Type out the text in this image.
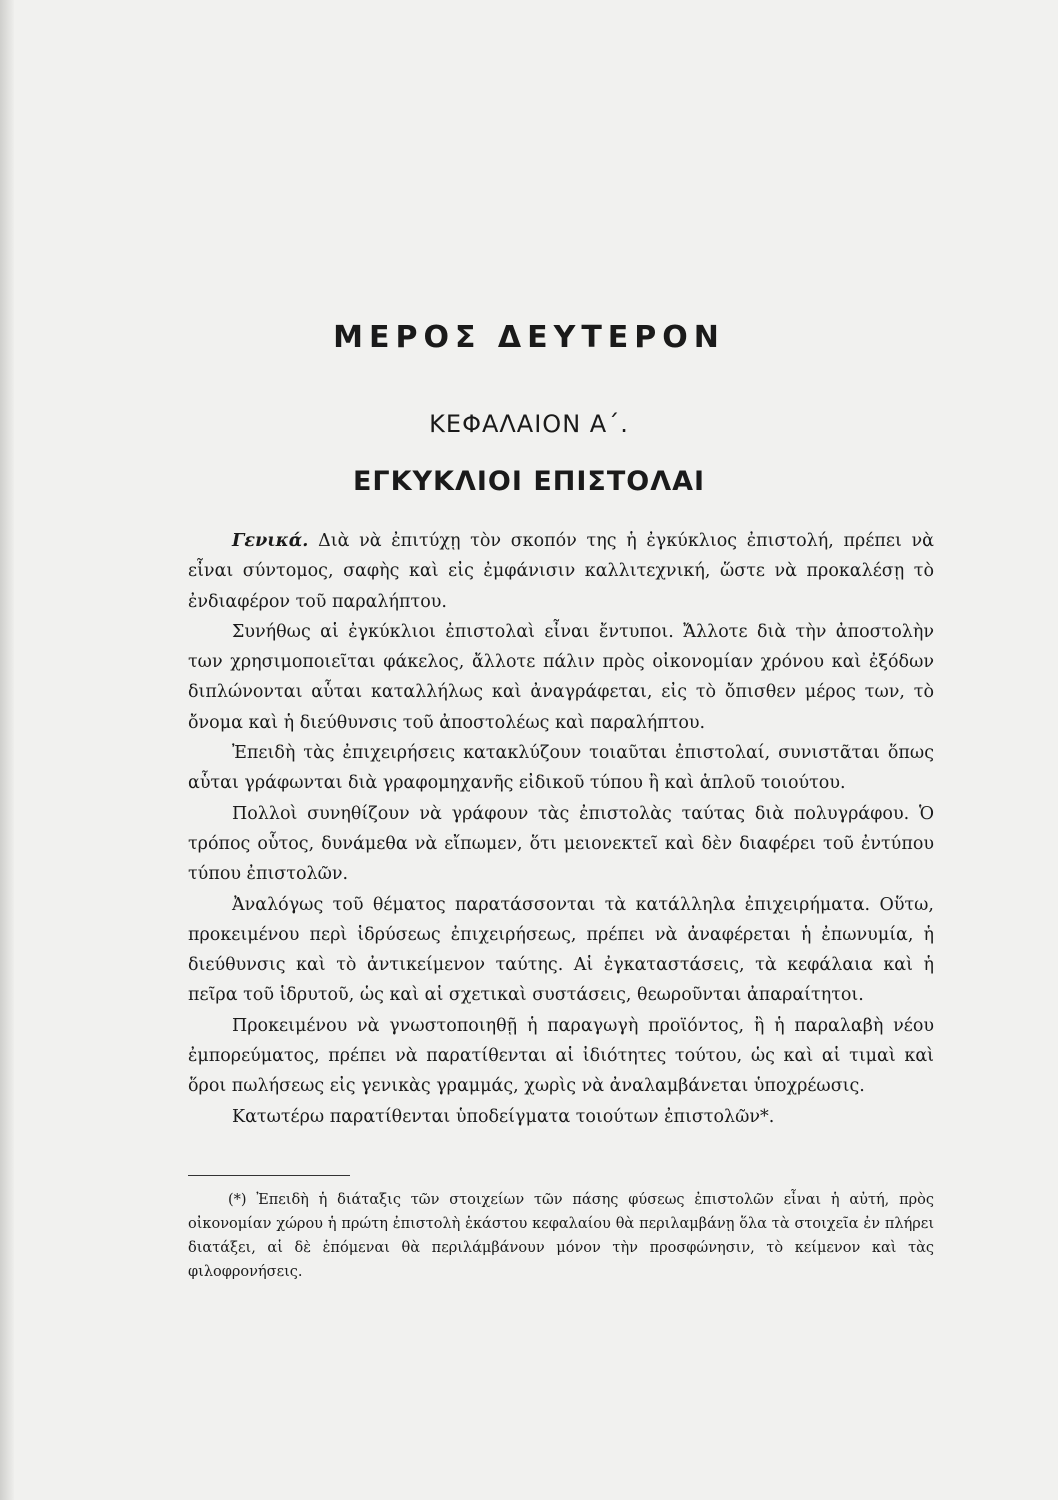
ΜΕΡΟΣ ΔΕΥΤΕΡΟΝ
ΚΕΦΑΛΑΙΟΝ Α΄.
ΕΓΚΥΚΛΙΟΙ ΕΠΙΣΤΟΛΑΙ

Γενικά. Διὰ νὰ ἐπιτύχῃ τὸν σκοπόν της ἡ ἐγκύκλιος ἐπιστολή, πρέπει νὰ εἶναι σύντομος, σαφὴς καὶ εἰς ἐμφάνισιν καλλιτεχνική, ὥστε νὰ προκαλέσῃ τὸ ἐνδιαφέρον τοῦ παραλήπτου.

Συνήθως αἱ ἐγκύκλιοι ἐπιστολαὶ εἶναι ἔντυποι. Ἄλλοτε διὰ τὴν ἀποστολὴν των χρησιμοποιεῖται φάκελος, ἄλλοτε πάλιν πρὸς οἰκονομίαν χρόνου καὶ ἐξόδων διπλώνονται αὗται καταλλήλως καὶ ἀναγράφεται, εἰς τὸ ὄπισθεν μέρος των, τὸ ὄνομα καὶ ἡ διεύθυνσις τοῦ ἀποστολέως καὶ παραλήπτου.

Ἐπειδὴ τὰς ἐπιχειρήσεις κατακλύζουν τοιαῦται ἐπιστολαί, συνιστᾶται ὅπως αὗται γράφωνται διὰ γραφομηχανῆς εἰδικοῦ τύπου ἢ καὶ ἁπλοῦ τοιούτου.

Πολλοὶ συνηθίζουν νὰ γράφουν τὰς ἐπιστολὰς ταύτας διὰ πολυγράφου. Ὁ τρόπος οὗτος, δυνάμεθα νὰ εἴπωμεν, ὅτι μειονεκτεῖ καὶ δὲν διαφέρει τοῦ ἐντύπου τύπου ἐπιστολῶν.

Ἀναλόγως τοῦ θέματος παρατάσσονται τὰ κατάλληλα ἐπιχειρήματα. Οὕτω, προκειμένου περὶ ἱδρύσεως ἐπιχειρήσεως, πρέπει νὰ ἀναφέρεται ἡ ἐπωνυμία, ἡ διεύθυνσις καὶ τὸ ἀντικείμενον ταύτης. Αἱ ἐγκαταστάσεις, τὰ κεφάλαια καὶ ἡ πεῖρα τοῦ ἱδρυτοῦ, ὡς καὶ αἱ σχετικαὶ συστάσεις, θεωροῦνται ἀπαραίτητοι.

Προκειμένου νὰ γνωστοποιηθῇ ἡ παραγωγὴ προϊόντος, ἢ ἡ παραλαβὴ νέου ἐμπορεύματος, πρέπει νὰ παρατίθενται αἱ ἰδιότητες τούτου, ὡς καὶ αἱ τιμαὶ καὶ ὅροι πωλήσεως εἰς γενικὰς γραμμάς, χωρὶς νὰ ἀναλαμβάνεται ὑποχρέωσις.

Κατωτέρω παρατίθενται ὑποδείγματα τοιούτων ἐπιστολῶν*.

(*) Ἐπειδὴ ἡ διάταξις τῶν στοιχείων τῶν πάσης φύσεως ἐπιστολῶν εἶναι ἡ αὐτή, πρὸς οἰκονομίαν χώρου ἡ πρώτη ἐπιστολὴ ἑκάστου κεφαλαίου θὰ περιλαμβάνῃ ὅλα τὰ στοιχεῖα ἐν πλήρει διατάξει, αἱ δὲ ἑπόμεναι θὰ περιλάμβάνουν μόνον τὴν προσφώνησιν, τὸ κείμενον καὶ τὰς φιλοφρονήσεις.
